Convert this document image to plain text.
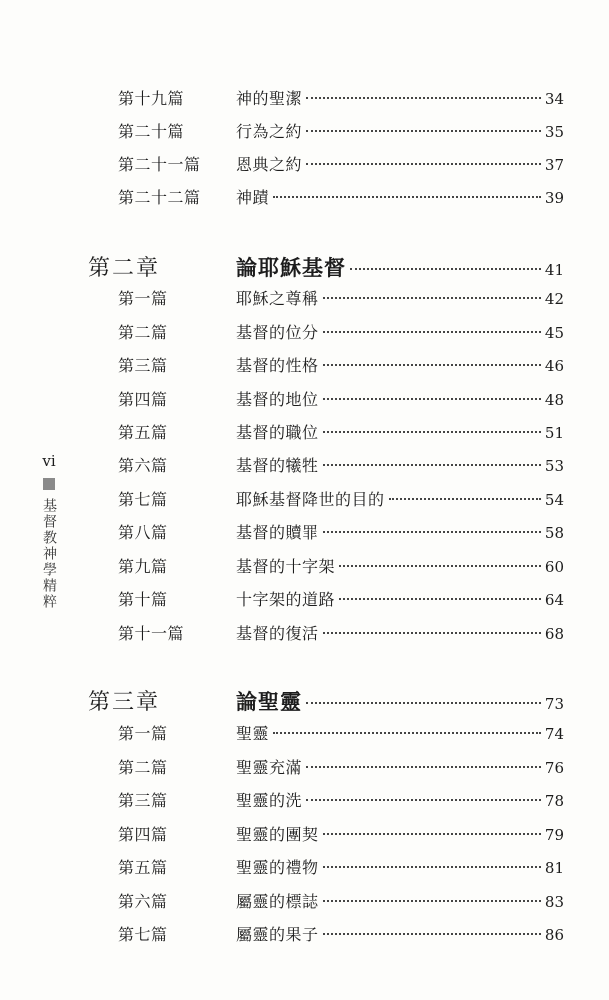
vi
基督教神學精粹
第十九篇	神的聖潔	34
第二十篇	行為之約	35
第二十一篇	恩典之約	37
第二十二篇	神蹟	39
第二章	論耶穌基督	41
第一篇	耶穌之尊稱	42
第二篇	基督的位分	45
第三篇	基督的性格	46
第四篇	基督的地位	48
第五篇	基督的職位	51
第六篇	基督的犧牲	53
第七篇	耶穌基督降世的目的	54
第八篇	基督的贖罪	58
第九篇	基督的十字架	60
第十篇	十字架的道路	64
第十一篇	基督的復活	68
第三章	論聖靈	73
第一篇	聖靈	74
第二篇	聖靈充滿	76
第三篇	聖靈的洗	78
第四篇	聖靈的團契	79
第五篇	聖靈的禮物	81
第六篇	屬靈的標誌	83
第七篇	屬靈的果子	86
